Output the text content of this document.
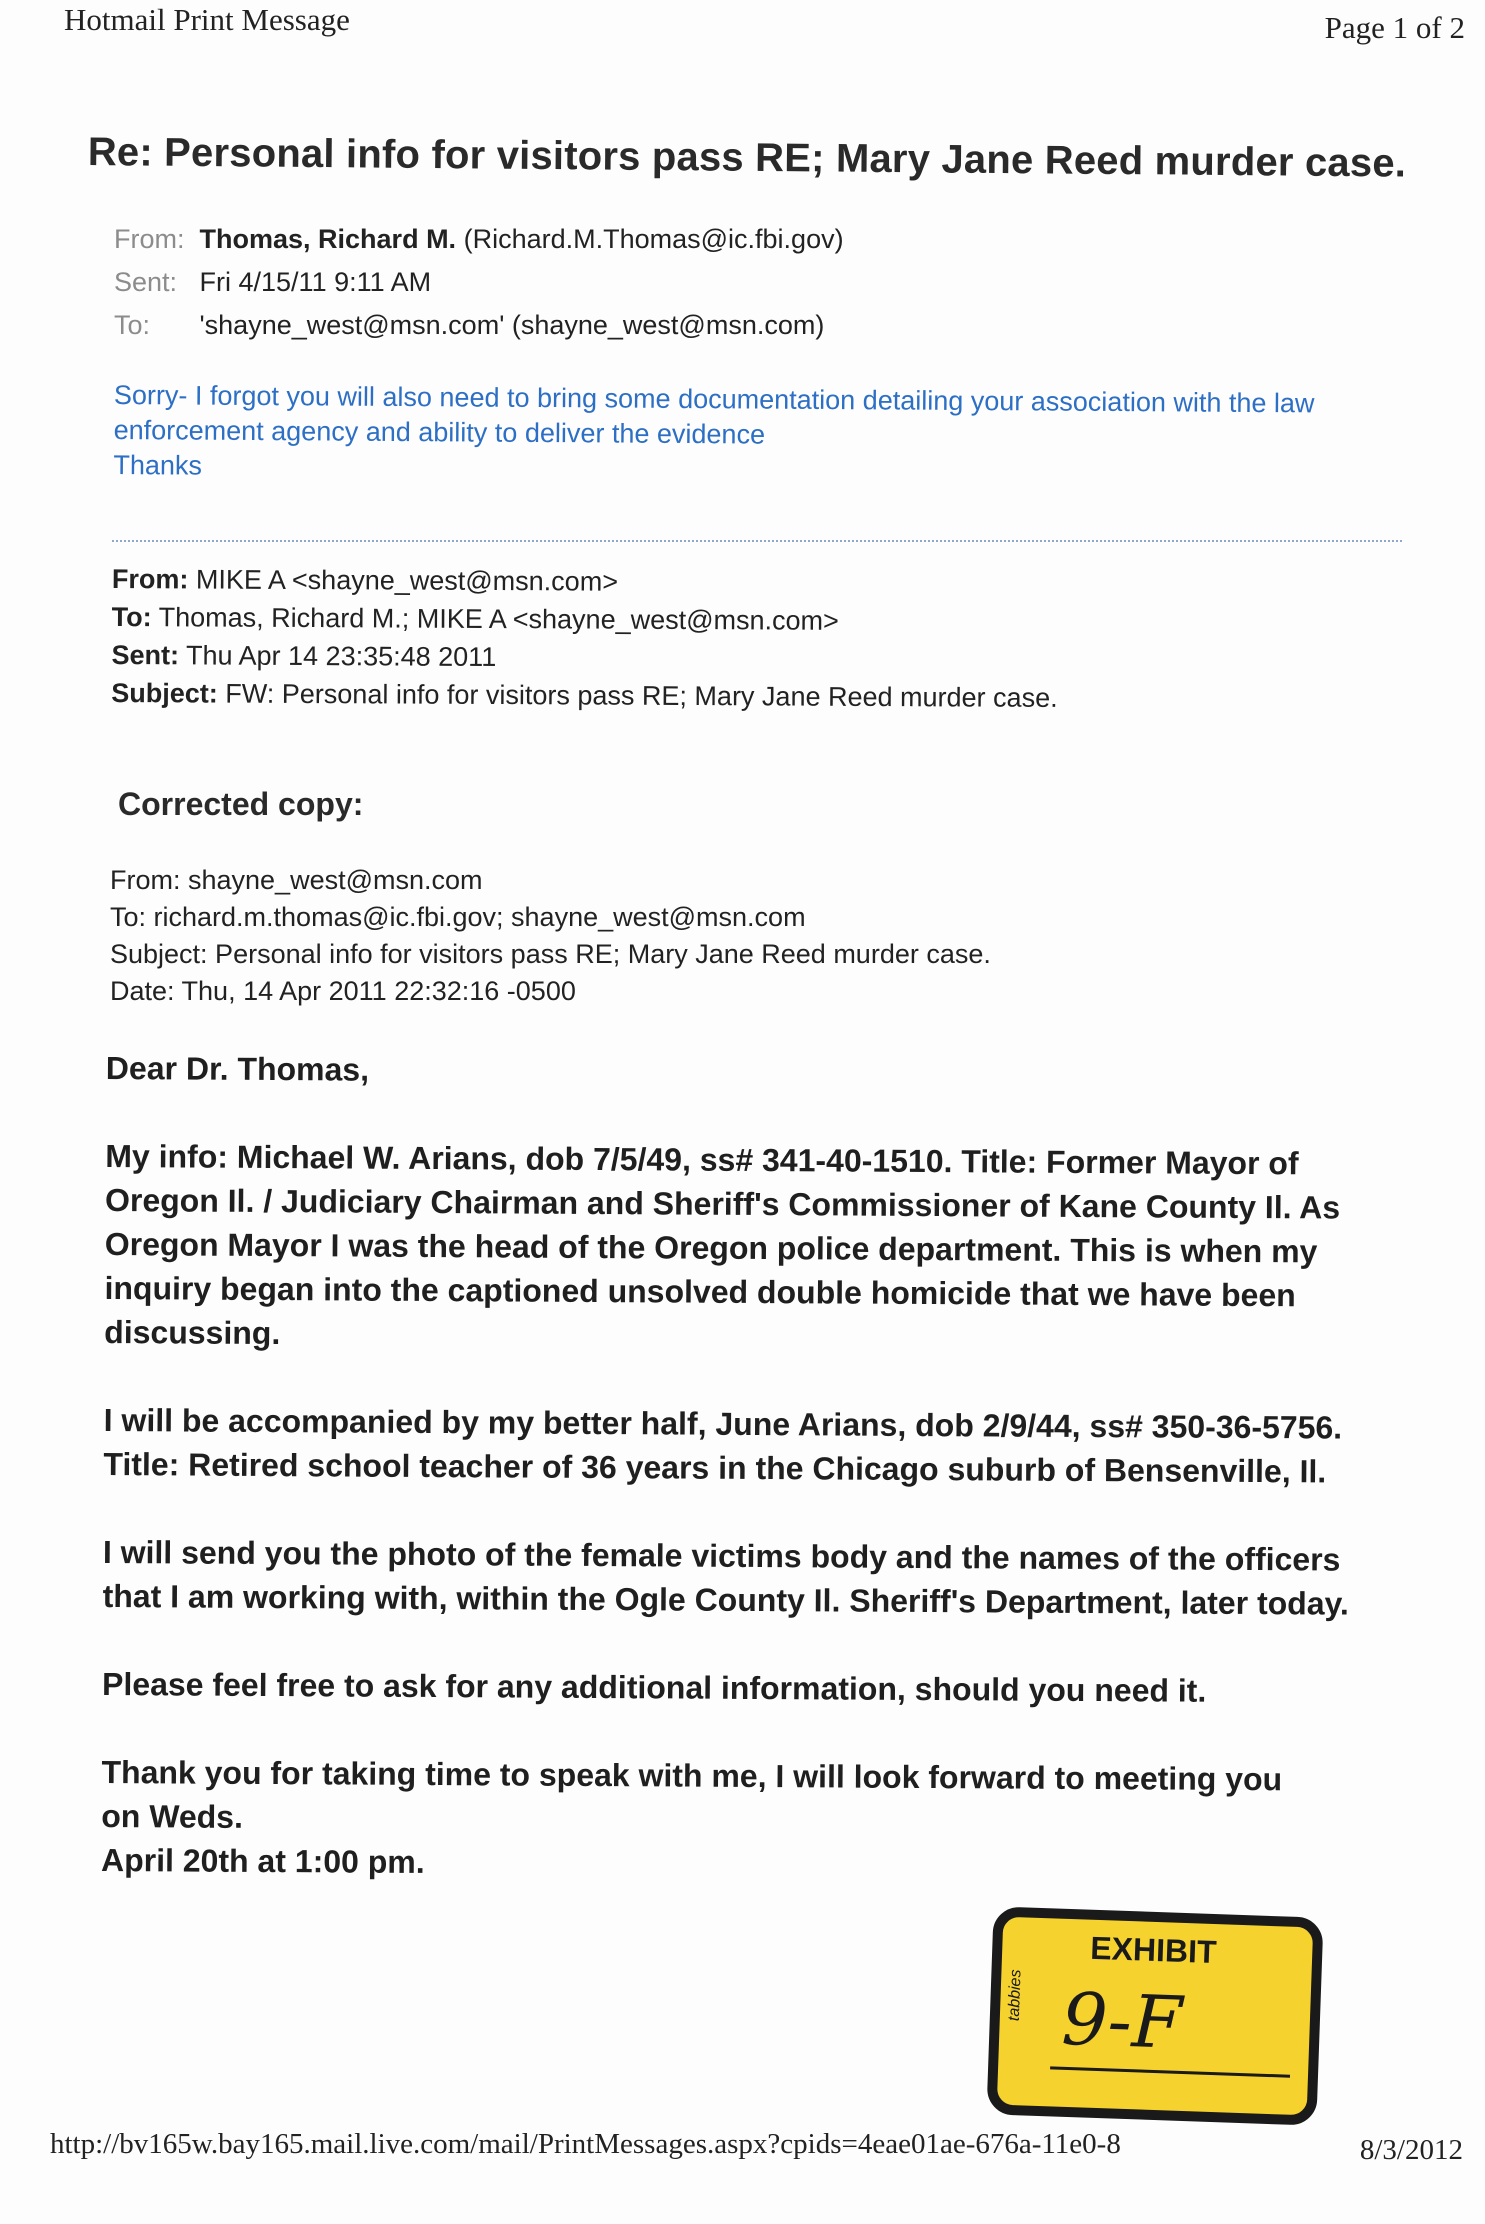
Hotmail Print Message	Page 1 of 2
Re: Personal info for visitors pass RE; Mary Jane Reed murder case.
From: Thomas, Richard M. (Richard.M.Thomas@ic.fbi.gov)
Sent: Fri 4/15/11 9:11 AM
To: 'shayne_west@msn.com' (shayne_west@msn.com)
Sorry- I forgot you will also need to bring some documentation detailing your association with the law
enforcement agency and ability to deliver the evidence
Thanks
From: MIKE A <shayne_west@msn.com>
To: Thomas, Richard M.; MIKE A <shayne_west@msn.com>
Sent: Thu Apr 14 23:35:48 2011
Subject: FW: Personal info for visitors pass RE; Mary Jane Reed murder case.
Corrected copy:
From: shayne_west@msn.com
To: richard.m.thomas@ic.fbi.gov; shayne_west@msn.com
Subject: Personal info for visitors pass RE; Mary Jane Reed murder case.
Date: Thu, 14 Apr 2011 22:32:16 -0500

Dear Dr. Thomas,

My info: Michael W. Arians, dob 7/5/49, ss# 341-40-1510. Title: Former Mayor of Oregon Il. / Judiciary Chairman and Sheriff's Commissioner of Kane County Il. As Oregon Mayor I was the head of the Oregon police department. This is when my inquiry began into the captioned unsolved double homicide that we have been discussing.

I will be accompanied by my better half, June Arians, dob 2/9/44, ss# 350-36-5756. Title: Retired school teacher of 36 years in the Chicago suburb of Bensenville, Il.

I will send you the photo of the female victims body and the names of the officers that I am working with, within the Ogle County Il. Sheriff's Department, later today.

Please feel free to ask for any additional information, should you need it.

Thank you for taking time to speak with me, I will look forward to meeting you

on Weds.

April 20th at 1:00 pm.

EXHIBIT
tabbies 9-F
http://bv165w.bay165.mail.live.com/mail/PrintMessages.aspx?cpids=4eae01ae-676a-11e0-8	8/3/2012
